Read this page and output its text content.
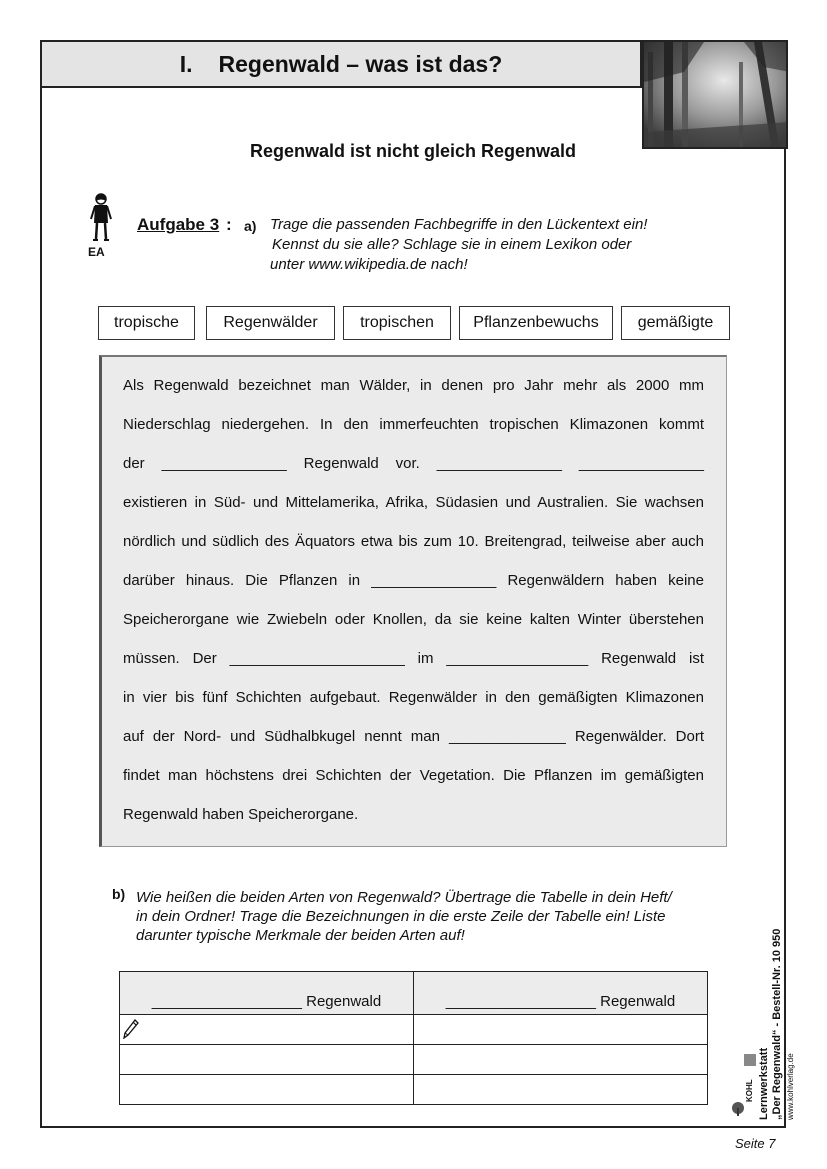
I. Regenwald – was ist das?
Regenwald ist nicht gleich Regenwald
EA
Aufgabe 3 : a) Trage die passenden Fachbegriffe in den Lückentext ein!
Kennst du sie alle? Schlage sie in einem Lexikon oder
unter www.wikipedia.de nach!
tropische	Regenwälder	tropischen	Pflanzenbewuchs	gemäßigte
Als Regenwald bezeichnet man Wälder, in denen pro Jahr mehr als 2000 mm
Niederschlag niedergehen. In den immerfeuchten tropischen Klimazonen kommt
der _______________ Regenwald vor. _______________ _______________
existieren in Süd- und Mittelamerika, Afrika, Südasien und Australien. Sie wachsen
nördlich und südlich des Äquators etwa bis zum 10. Breitengrad, teilweise aber auch
darüber hinaus. Die Pflanzen in _______________ Regenwäldern haben keine
Speicherorgane wie Zwiebeln oder Knollen, da sie keine kalten Winter überstehen
müssen. Der _____________________ im _________________ Regenwald ist
in vier bis fünf Schichten aufgebaut. Regenwälder in den gemäßigten Klimazonen
auf der Nord- und Südhalbkugel nennt man ______________ Regenwälder. Dort
findet man höchstens drei Schichten der Vegetation. Die Pflanzen im gemäßigten
Regenwald haben Speicherorgane.
b) Wie heißen die beiden Arten von Regenwald? Übertrage die Tabelle in dein Heft/
in dein Ordner! Trage die Bezeichnungen in die erste Zeile der Tabelle ein! Liste
darunter typische Merkmale der beiden Arten auf!
__________________ Regenwald	__________________ Regenwald

Lernwerkstatt „Der Regenwald“ - Bestell-Nr. 10 950 www.kohlverlag.de
KOHL
Seite 7
